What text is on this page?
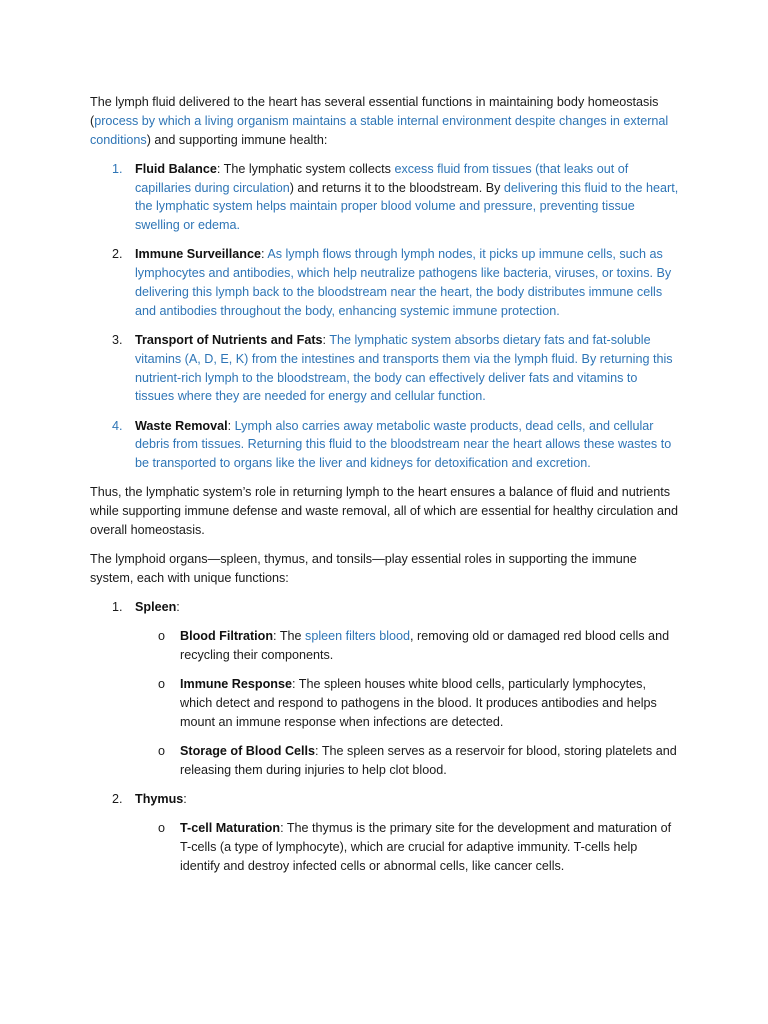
The lymph fluid delivered to the heart has several essential functions in maintaining body homeostasis (process by which a living organism maintains a stable internal environment despite changes in external conditions) and supporting immune health:

1. Fluid Balance: The lymphatic system collects excess fluid from tissues (that leaks out of capillaries during circulation) and returns it to the bloodstream. By delivering this fluid to the heart, the lymphatic system helps maintain proper blood volume and pressure, preventing tissue swelling or edema.
2. Immune Surveillance: As lymph flows through lymph nodes, it picks up immune cells, such as lymphocytes and antibodies, which help neutralize pathogens like bacteria, viruses, or toxins. By delivering this lymph back to the bloodstream near the heart, the body distributes immune cells and antibodies throughout the body, enhancing systemic immune protection.
3. Transport of Nutrients and Fats: The lymphatic system absorbs dietary fats and fat-soluble vitamins (A, D, E, K) from the intestines and transports them via the lymph fluid. By returning this nutrient-rich lymph to the bloodstream, the body can effectively deliver fats and vitamins to tissues where they are needed for energy and cellular function.
4. Waste Removal: Lymph also carries away metabolic waste products, dead cells, and cellular debris from tissues. Returning this fluid to the bloodstream near the heart allows these wastes to be transported to organs like the liver and kidneys for detoxification and excretion.

Thus, the lymphatic system’s role in returning lymph to the heart ensures a balance of fluid and nutrients while supporting immune defense and waste removal, all of which are essential for healthy circulation and overall homeostasis.

The lymphoid organs—spleen, thymus, and tonsils—play essential roles in supporting the immune system, each with unique functions:

1. Spleen:
o Blood Filtration: The spleen filters blood, removing old or damaged red blood cells and recycling their components.
o Immune Response: The spleen houses white blood cells, particularly lymphocytes, which detect and respond to pathogens in the blood. It produces antibodies and helps mount an immune response when infections are detected.
o Storage of Blood Cells: The spleen serves as a reservoir for blood, storing platelets and releasing them during injuries to help clot blood.
2. Thymus:
o T-cell Maturation: The thymus is the primary site for the development and maturation of T-cells (a type of lymphocyte), which are crucial for adaptive immunity. T-cells help identify and destroy infected cells or abnormal cells, like cancer cells.
